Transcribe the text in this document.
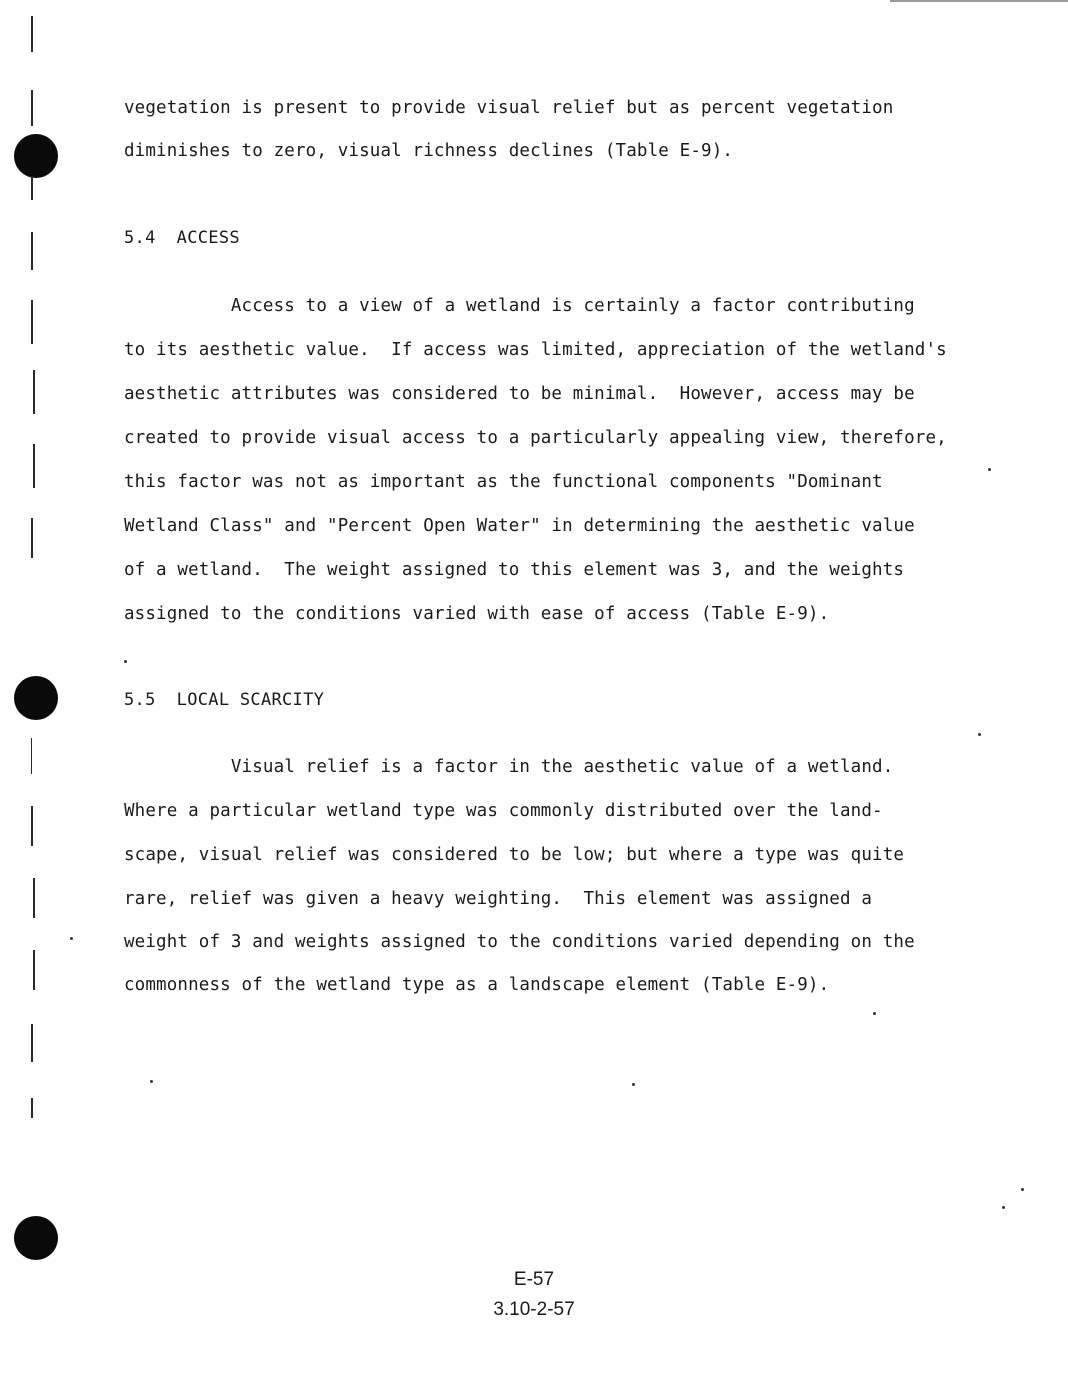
vegetation is present to provide visual relief but as percent vegetation
diminishes to zero, visual richness declines (Table E-9).
5.4  ACCESS
Access to a view of a wetland is certainly a factor contributing
to its aesthetic value.  If access was limited, appreciation of the wetland's
aesthetic attributes was considered to be minimal.  However, access may be
created to provide visual access to a particularly appealing view, therefore,
this factor was not as important as the functional components "Dominant
Wetland Class" and "Percent Open Water" in determining the aesthetic value
of a wetland.  The weight assigned to this element was 3, and the weights
assigned to the conditions varied with ease of access (Table E-9).
5.5  LOCAL SCARCITY
Visual relief is a factor in the aesthetic value of a wetland.
Where a particular wetland type was commonly distributed over the land-
scape, visual relief was considered to be low; but where a type was quite
rare, relief was given a heavy weighting.  This element was assigned a
weight of 3 and weights assigned to the conditions varied depending on the
commonness of the wetland type as a landscape element (Table E-9).
E-57
3.10-2-57
